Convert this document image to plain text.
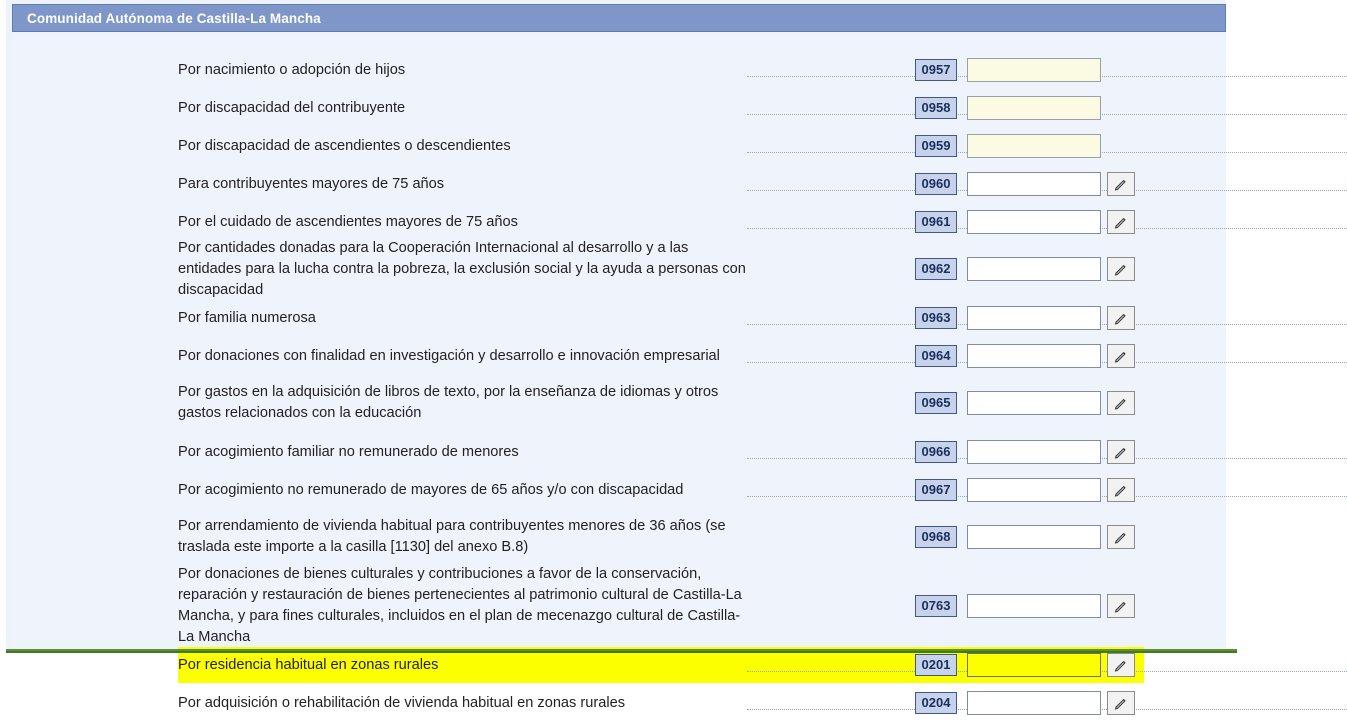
Comunidad Autónoma de Castilla-La Mancha
Por nacimiento o adopción de hijos	0957
Por discapacidad del contribuyente	0958
Por discapacidad de ascendientes o descendientes	0959
Para contribuyentes mayores de 75 años	0960
Por el cuidado de ascendientes mayores de 75 años	0961
Por cantidades donadas para la Cooperación Internacional al desarrollo y a las entidades para la lucha contra la pobreza, la exclusión social y la ayuda a personas con discapacidad
0962
Por familia numerosa	0963
Por donaciones con finalidad en investigación y desarrollo e innovación empresarial	0964
Por gastos en la adquisición de libros de texto, por la enseñanza de idiomas y otros gastos relacionados con la educación
0965
Por acogimiento familiar no remunerado de menores	0966
Por acogimiento no remunerado de mayores de 65 años y/o con discapacidad	0967
Por arrendamiento de vivienda habitual para contribuyentes menores de 36 años (se traslada este importe a la casilla [1130] del anexo B.8)
0968
Por donaciones de bienes culturales y contribuciones a favor de la conservación, reparación y restauración de bienes pertenecientes al patrimonio cultural de Castilla-La Mancha, y para fines culturales, incluidos en el plan de mecenazgo cultural de Castilla-La Mancha
0763
Por residencia habitual en zonas rurales	0201
Por adquisición o rehabilitación de vivienda habitual en zonas rurales	0204
